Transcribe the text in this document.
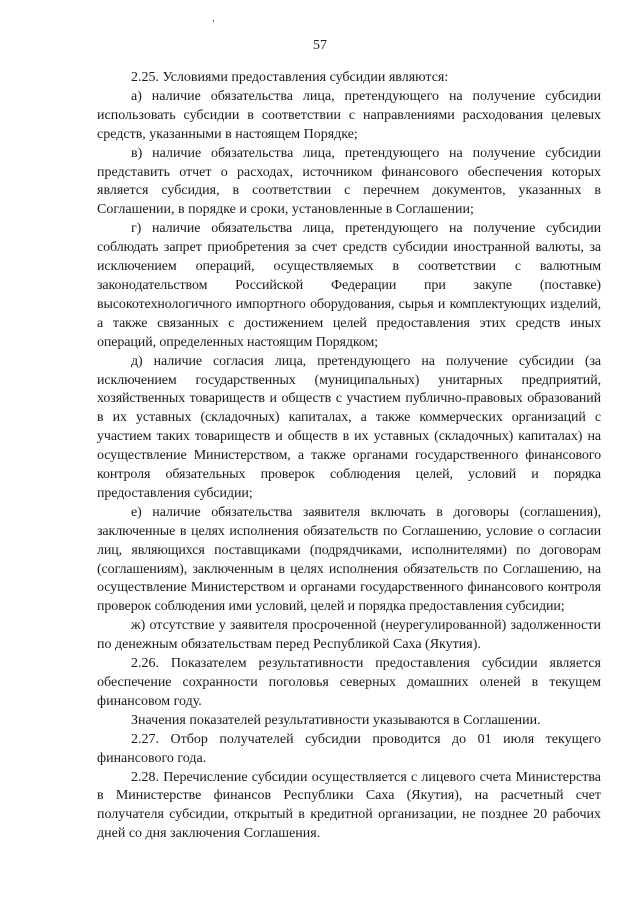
57

2.25. Условиями предоставления субсидии являются:

а) наличие обязательства лица, претендующего на получение субсидии использовать субсидии в соответствии с направлениями расходования целевых средств, указанными в настоящем Порядке;

в) наличие обязательства лица, претендующего на получение субсидии представить отчет о расходах, источником финансового обеспечения которых является субсидия, в соответствии с перечнем документов, указанных в Соглашении, в порядке и сроки, установленные в Соглашении;

г) наличие обязательства лица, претендующего на получение субсидии соблюдать запрет приобретения за счет средств субсидии иностранной валюты, за исключением операций, осуществляемых в соответствии с валютным законодательством Российской Федерации при закупе (поставке) высокотехнологичного импортного оборудования, сырья и комплектующих изделий, а также связанных с достижением целей предоставления этих средств иных операций, определенных настоящим Порядком;

д) наличие согласия лица, претендующего на получение субсидии (за исключением государственных (муниципальных) унитарных предприятий, хозяйственных товариществ и обществ с участием публично-правовых образований в их уставных (складочных) капиталах, а также коммерческих организаций с участием таких товариществ и обществ в их уставных (складочных) капиталах) на осуществление Министерством, а также органами государственного финансового контроля обязательных проверок соблюдения целей, условий и порядка предоставления субсидии;

е) наличие обязательства заявителя включать в договоры (соглашения), заключенные в целях исполнения обязательств по Соглашению, условие о согласии лиц, являющихся поставщиками (подрядчиками, исполнителями) по договорам (соглашениям), заключенным в целях исполнения обязательств по Соглашению, на осуществление Министерством и органами государственного финансового контроля проверок соблюдения ими условий, целей и порядка предоставления субсидии;

ж) отсутствие у заявителя просроченной (неурегулированной) задолженности по денежным обязательствам перед Республикой Саха (Якутия).

2.26. Показателем результативности предоставления субсидии является обеспечение сохранности поголовья северных домашних оленей в текущем финансовом году.

Значения показателей результативности указываются в Соглашении.

2.27. Отбор получателей субсидии проводится до 01 июля текущего финансового года.

2.28. Перечисление субсидии осуществляется с лицевого счета Министерства в Министерстве финансов Республики Саха (Якутия), на расчетный счет получателя субсидии, открытый в кредитной организации, не позднее 20 рабочих дней со дня заключения Соглашения.
